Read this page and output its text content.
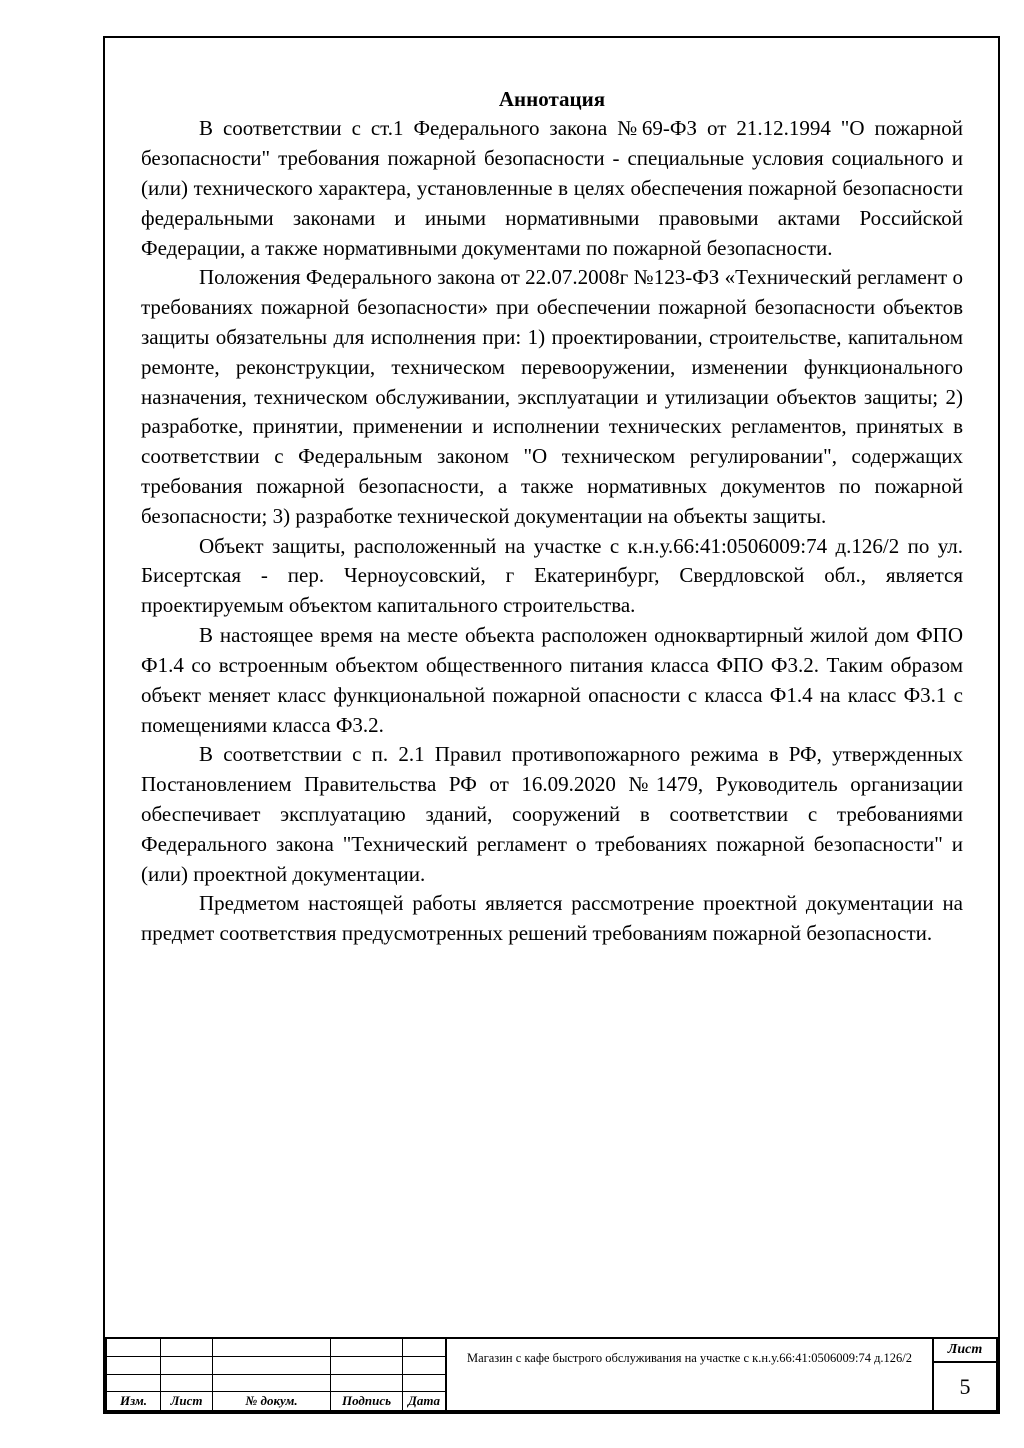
Аннотация

В соответствии с ст.1 Федерального закона №69-ФЗ от 21.12.1994 "О пожарной безопасности" требования пожарной безопасности - специальные условия социального и (или) технического характера, установленные в целях обеспечения пожарной безопасности федеральными законами и иными нормативными правовыми актами Российской Федерации, а также нормативными документами по пожарной безопасности.

Положения Федерального закона от 22.07.2008г №123-ФЗ «Технический регламент о требованиях пожарной безопасности» при обеспечении пожарной безопасности объектов защиты обязательны для исполнения при: 1) проектировании, строительстве, капитальном ремонте, реконструкции, техническом перевооружении, изменении функционального назначения, техническом обслуживании, эксплуатации и утилизации объектов защиты; 2) разработке, принятии, применении и исполнении технических регламентов, принятых в соответствии с Федеральным законом "О техническом регулировании", содержащих требования пожарной безопасности, а также нормативных документов по пожарной безопасности; 3) разработке технической документации на объекты защиты.

Объект защиты, расположенный на участке с к.н.у.66:41:0506009:74 д.126/2 по ул. Бисертская - пер. Черноусовский, г Екатеринбург, Свердловской обл., является проектируемым объектом капитального строительства.

В настоящее время на месте объекта расположен одноквартирный жилой дом ФПО Ф1.4 со встроенным объектом общественного питания класса ФПО Ф3.2. Таким образом объект меняет класс функциональной пожарной опасности с класса Ф1.4 на класс Ф3.1 с помещениями класса Ф3.2.

В соответствии с п. 2.1 Правил противопожарного режима в РФ, утвержденных Постановлением Правительства РФ от 16.09.2020 №1479, Руководитель организации обеспечивает эксплуатацию зданий, сооружений в соответствии с требованиями Федерального закона "Технический регламент о требованиях пожарной безопасности" и (или) проектной документации.

Предметом настоящей работы является рассмотрение проектной документации на предмет соответствия предусмотренных решений требованиям пожарной безопасности.

Изм.	Лист	№ докум.	Подпись	Дата
Магазин с кафе быстрого обслуживания на участке с к.н.у.66:41:0506009:74 д.126/2
Лист
5
